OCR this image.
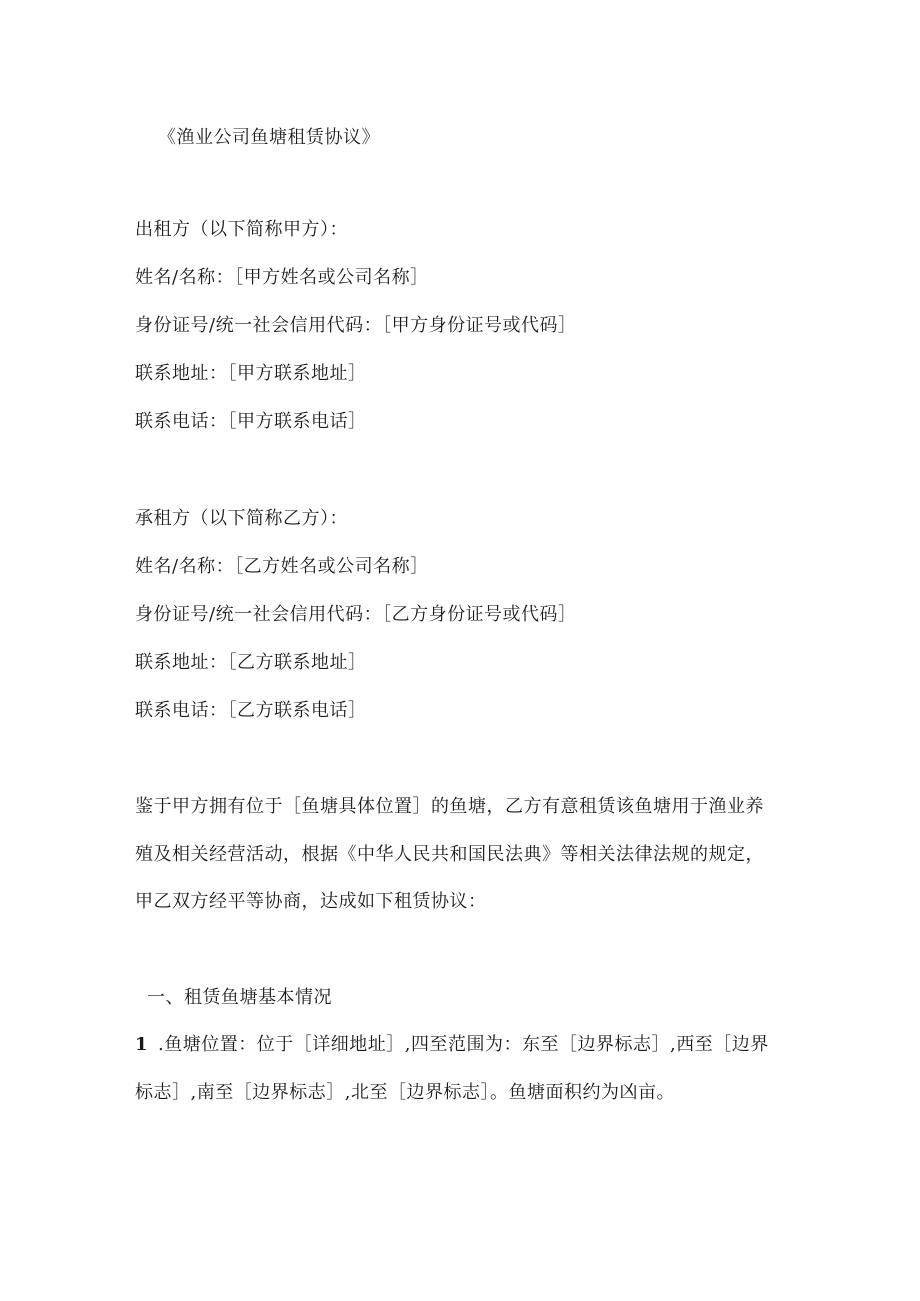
《渔业公司鱼塘租赁协议》
出租方（以下简称甲方）：
姓名/名称：［甲方姓名或公司名称］
身份证号/统一社会信用代码：［甲方身份证号或代码］
联系地址：［甲方联系地址］
联系电话：［甲方联系电话］
承租方（以下简称乙方）：
姓名/名称：［乙方姓名或公司名称］
身份证号/统一社会信用代码：［乙方身份证号或代码］
联系地址：［乙方联系地址］
联系电话：［乙方联系电话］
鉴于甲方拥有位于［鱼塘具体位置］的鱼塘，乙方有意租赁该鱼塘用于渔业养
殖及相关经营活动，根据《中华人民共和国民法典》等相关法律法规的规定，
甲乙双方经平等协商，达成如下租赁协议：
一、租赁鱼塘基本情况
1 .鱼塘位置：位于［详细地址］,四至范围为：东至［边界标志］,西至［边界
标志］,南至［边界标志］,北至［边界标志］。鱼塘面积约为凶亩。
